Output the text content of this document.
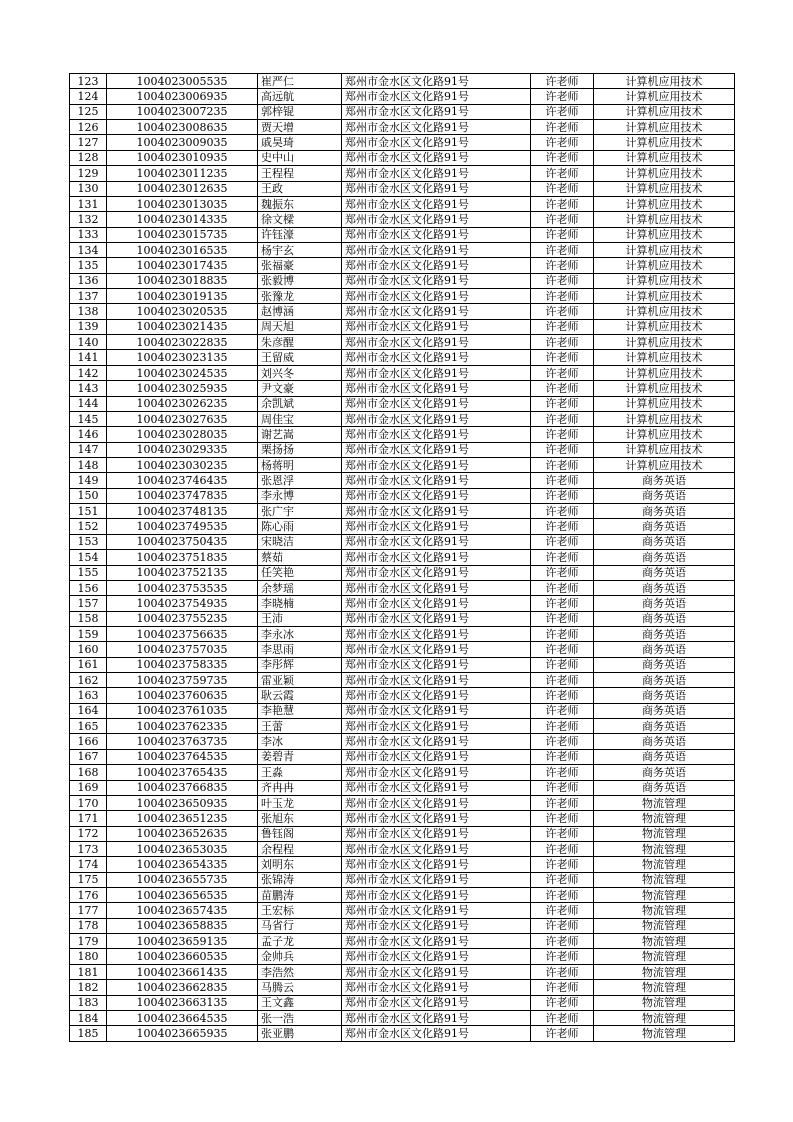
123	1004023005535	崔严仁	郑州市金水区文化路91号	许老师	计算机应用技术
124	1004023006935	高远航	郑州市金水区文化路91号	许老师	计算机应用技术
125	1004023007235	郭梓锟	郑州市金水区文化路91号	许老师	计算机应用技术
126	1004023008635	贾天增	郑州市金水区文化路91号	许老师	计算机应用技术
127	1004023009035	戚昊琦	郑州市金水区文化路91号	许老师	计算机应用技术
128	1004023010935	史中山	郑州市金水区文化路91号	许老师	计算机应用技术
129	1004023011235	王程程	郑州市金水区文化路91号	许老师	计算机应用技术
130	1004023012635	王政	郑州市金水区文化路91号	许老师	计算机应用技术
131	1004023013035	魏振东	郑州市金水区文化路91号	许老师	计算机应用技术
132	1004023014335	徐文樑	郑州市金水区文化路91号	许老师	计算机应用技术
133	1004023015735	许钰濠	郑州市金水区文化路91号	许老师	计算机应用技术
134	1004023016535	杨宇玄	郑州市金水区文化路91号	许老师	计算机应用技术
135	1004023017435	张福豪	郑州市金水区文化路91号	许老师	计算机应用技术
136	1004023018835	张毅博	郑州市金水区文化路91号	许老师	计算机应用技术
137	1004023019135	张豫龙	郑州市金水区文化路91号	许老师	计算机应用技术
138	1004023020535	赵博涵	郑州市金水区文化路91号	许老师	计算机应用技术
139	1004023021435	周天旭	郑州市金水区文化路91号	许老师	计算机应用技术
140	1004023022835	朱彦醒	郑州市金水区文化路91号	许老师	计算机应用技术
141	1004023023135	王留威	郑州市金水区文化路91号	许老师	计算机应用技术
142	1004023024535	刘兴冬	郑州市金水区文化路91号	许老师	计算机应用技术
143	1004023025935	尹文豪	郑州市金水区文化路91号	许老师	计算机应用技术
144	1004023026235	余凯斌	郑州市金水区文化路91号	许老师	计算机应用技术
145	1004023027635	周佳宝	郑州市金水区文化路91号	许老师	计算机应用技术
146	1004023028035	谢艺嵩	郑州市金水区文化路91号	许老师	计算机应用技术
147	1004023029335	栗扬扬	郑州市金水区文化路91号	许老师	计算机应用技术
148	1004023030235	杨蒋明	郑州市金水区文化路91号	许老师	计算机应用技术
149	1004023746435	张恩浮	郑州市金水区文化路91号	许老师	商务英语
150	1004023747835	李永博	郑州市金水区文化路91号	许老师	商务英语
151	1004023748135	张广宇	郑州市金水区文化路91号	许老师	商务英语
152	1004023749535	陈心雨	郑州市金水区文化路91号	许老师	商务英语
153	1004023750435	宋晓洁	郑州市金水区文化路91号	许老师	商务英语
154	1004023751835	蔡茹	郑州市金水区文化路91号	许老师	商务英语
155	1004023752135	任笑艳	郑州市金水区文化路91号	许老师	商务英语
156	1004023753535	余梦瑶	郑州市金水区文化路91号	许老师	商务英语
157	1004023754935	李晓楠	郑州市金水区文化路91号	许老师	商务英语
158	1004023755235	王沛	郑州市金水区文化路91号	许老师	商务英语
159	1004023756635	李永冰	郑州市金水区文化路91号	许老师	商务英语
160	1004023757035	李思雨	郑州市金水区文化路91号	许老师	商务英语
161	1004023758335	李彤辉	郑州市金水区文化路91号	许老师	商务英语
162	1004023759735	雷亚颖	郑州市金水区文化路91号	许老师	商务英语
163	1004023760635	耿云霞	郑州市金水区文化路91号	许老师	商务英语
164	1004023761035	李艳慧	郑州市金水区文化路91号	许老师	商务英语
165	1004023762335	王蕾	郑州市金水区文化路91号	许老师	商务英语
166	1004023763735	李冰	郑州市金水区文化路91号	许老师	商务英语
167	1004023764535	姜碧青	郑州市金水区文化路91号	许老师	商务英语
168	1004023765435	王淼	郑州市金水区文化路91号	许老师	商务英语
169	1004023766835	齐冉冉	郑州市金水区文化路91号	许老师	商务英语
170	1004023650935	叶玉龙	郑州市金水区文化路91号	许老师	物流管理
171	1004023651235	张旭东	郑州市金水区文化路91号	许老师	物流管理
172	1004023652635	鲁钰阁	郑州市金水区文化路91号	许老师	物流管理
173	1004023653035	余程程	郑州市金水区文化路91号	许老师	物流管理
174	1004023654335	刘明东	郑州市金水区文化路91号	许老师	物流管理
175	1004023655735	张锦涛	郑州市金水区文化路91号	许老师	物流管理
176	1004023656535	苗鹏涛	郑州市金水区文化路91号	许老师	物流管理
177	1004023657435	王宏标	郑州市金水区文化路91号	许老师	物流管理
178	1004023658835	马省行	郑州市金水区文化路91号	许老师	物流管理
179	1004023659135	孟子龙	郑州市金水区文化路91号	许老师	物流管理
180	1004023660535	金帅兵	郑州市金水区文化路91号	许老师	物流管理
181	1004023661435	李浩然	郑州市金水区文化路91号	许老师	物流管理
182	1004023662835	马腾云	郑州市金水区文化路91号	许老师	物流管理
183	1004023663135	王文鑫	郑州市金水区文化路91号	许老师	物流管理
184	1004023664535	张一浩	郑州市金水区文化路91号	许老师	物流管理
185	1004023665935	张亚鹏	郑州市金水区文化路91号	许老师	物流管理
